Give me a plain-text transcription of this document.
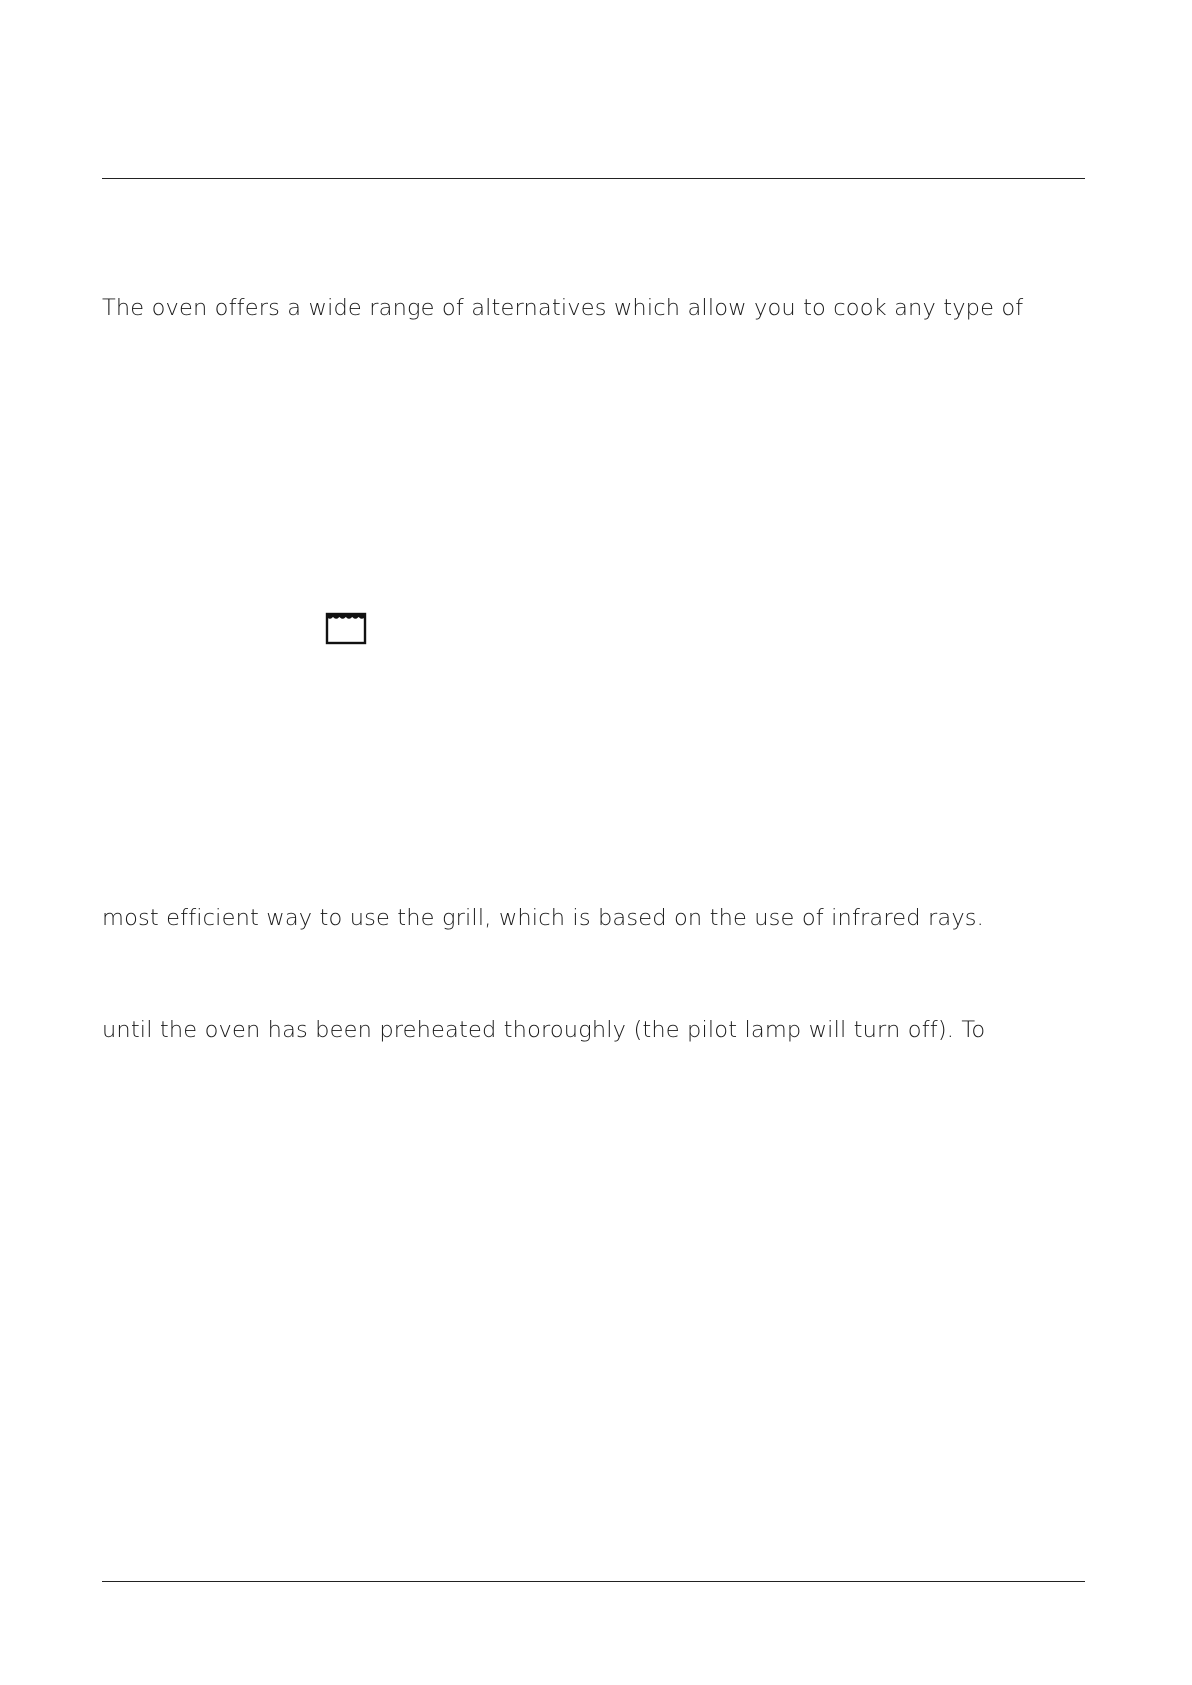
The oven offers a wide range of alternatives which allow you to cook any type of
most efficient way to use the grill, which is based on the use of infrared rays.
until the oven has been preheated thoroughly (the pilot lamp will turn off). To
